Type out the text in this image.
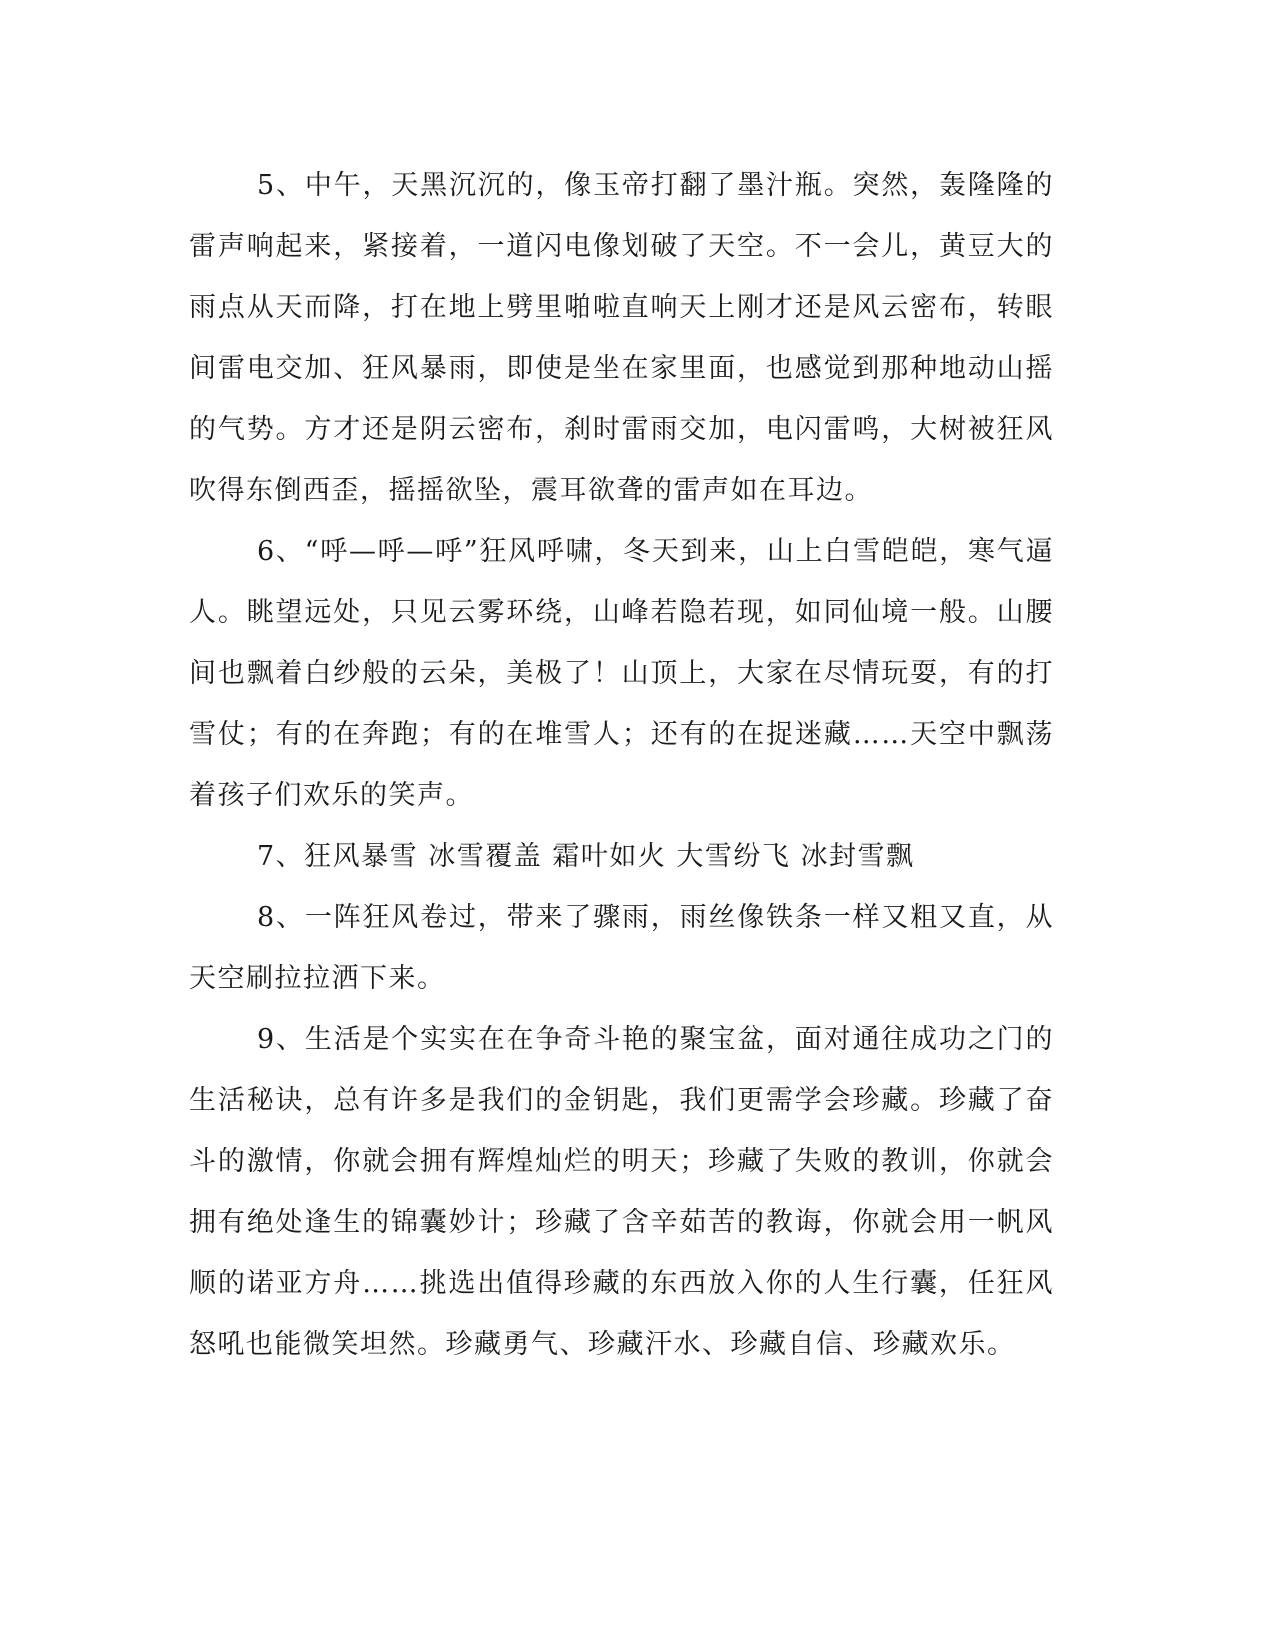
5、中午，天黑沉沉的，像玉帝打翻了墨汁瓶。突然，轰隆隆的雷声响起来，紧接着，一道闪电像划破了天空。不一会儿，黄豆大的雨点从天而降，打在地上劈里啪啦直响天上刚才还是风云密布，转眼间雷电交加、狂风暴雨，即使是坐在家里面，也感觉到那种地动山摇的气势。方才还是阴云密布，刹时雷雨交加，电闪雷鸣，大树被狂风吹得东倒西歪，摇摇欲坠，震耳欲聋的雷声如在耳边。

6、“呼—呼—呼”狂风呼啸，冬天到来，山上白雪皑皑，寒气逼人。眺望远处，只见云雾环绕，山峰若隐若现，如同仙境一般。山腰间也飘着白纱般的云朵，美极了！山顶上，大家在尽情玩耍，有的打雪仗；有的在奔跑；有的在堆雪人；还有的在捉迷藏……天空中飘荡着孩子们欢乐的笑声。

7、狂风暴雪 冰雪覆盖 霜叶如火 大雪纷飞 冰封雪飘

8、一阵狂风卷过，带来了骤雨，雨丝像铁条一样又粗又直，从天空刷拉拉洒下来。

9、生活是个实实在在争奇斗艳的聚宝盆，面对通往成功之门的生活秘诀，总有许多是我们的金钥匙，我们更需学会珍藏。珍藏了奋斗的激情，你就会拥有辉煌灿烂的明天；珍藏了失败的教训，你就会拥有绝处逢生的锦囊妙计；珍藏了含辛茹苦的教诲，你就会用一帆风顺的诺亚方舟……挑选出值得珍藏的东西放入你的人生行囊，任狂风怒吼也能微笑坦然。珍藏勇气、珍藏汗水、珍藏自信、珍藏欢乐。
